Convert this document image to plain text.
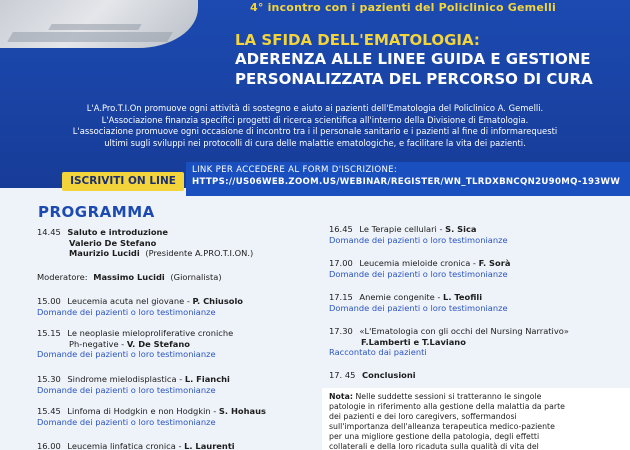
4° incontro con i pazienti del Policlinico Gemelli
LA SFIDA DELL'EMATOLOGIA:
ADERENZA ALLE LINEE GUIDA E GESTIONE
PERSONALIZZATA DEL PERCORSO DI CURA
L'A.Pro.T.I.On promuove ogni attività di sostegno e aiuto ai pazienti dell'Ematologia del Policlinico A. Gemelli.
L'Associazione finanzia specifici progetti di ricerca scientifica all'interno della Divisione di Ematologia.
L'associazione promuove ogni occasione di incontro tra i il personale sanitario e i pazienti al fine di informarequesti
ultimi sugli sviluppi nei protocolli di cura delle malattie ematologiche, e facilitare la vita dei pazienti.
ISCRIVITI ON LINE
LINK PER ACCEDERE AL FORM D'ISCRIZIONE:
HTTPS://US06WEB.ZOOM.US/WEBINAR/REGISTER/WN_TLRDXBNCQN2U90MQ-193WW
PROGRAMMA
14.45 Saluto e introduzione
Valerio De Stefano
Maurizio Lucidi (Presidente A.PRO.T.I.ON.)
Moderatore: Massimo Lucidi (Giornalista)
15.00 Leucemia acuta nel giovane - P. Chiusolo
Domande dei pazienti o loro testimonianze
15.15 Le neoplasie mieloproliferative croniche
Ph-negative - V. De Stefano
Domande dei pazienti o loro testimonianze
15.30 Sindrome mielodisplastica - L. Fianchi
Domande dei pazienti o loro testimonianze
15.45 Linfoma di Hodgkin e non Hodgkin - S. Hohaus
Domande dei pazienti o loro testimonianze
16.00 Leucemia linfatica cronica - L. Laurenti
16.45 Le Terapie cellulari - S. Sica
Domande dei pazienti o loro testimonianze
17.00 Leucemia mieloide cronica - F. Sorà
Domande dei pazienti o loro testimonianze
17.15 Anemie congenite - L. Teofili
Domande dei pazienti o loro testimonianze
17.30 «L'Ematologia con gli occhi del Nursing Narrativo»
F.Lamberti e T.Laviano
Raccontato dai pazienti
17. 45 Conclusioni
Nota: Nelle suddette sessioni si tratteranno le singole
patologie in riferimento alla gestione della malattia da parte
dei pazienti e dei loro caregivers, soffermandosi
sull'importanza dell'alleanza terapeutica medico-paziente
per una migliore gestione della patologia, degli effetti
collaterali e della loro ricaduta sulla qualità di vita del
